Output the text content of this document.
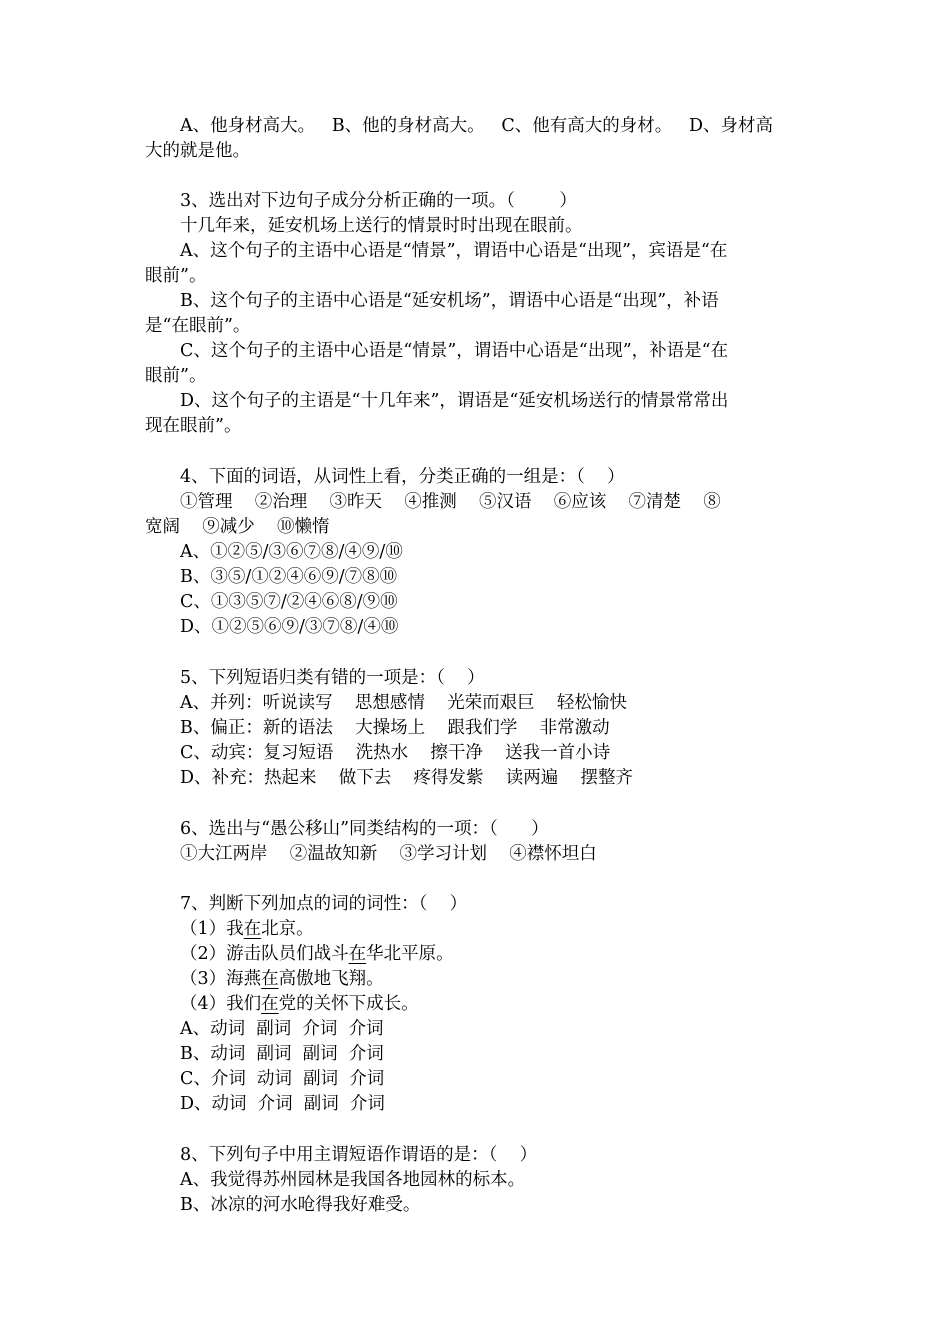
A、他身材高大。   B、他的身材高大。   C、他有高大的身材。   D、身材高
大的就是他。
3、选出对下边句子成分分析正确的一项。（        ）
十几年来，延安机场上送行的情景时时出现在眼前。
A、这个句子的主语中心语是“情景”，谓语中心语是“出现”，宾语是“在
眼前”。
B、这个句子的主语中心语是“延安机场”，谓语中心语是“出现”，补语
是“在眼前”。
C、这个句子的主语中心语是“情景”，谓语中心语是“出现”，补语是“在
眼前”。
D、这个句子的主语是“十几年来”，谓语是“延安机场送行的情景常常出
现在眼前”。
4、下面的词语，从词性上看，分类正确的一组是：（    ）
①管理    ②治理    ③昨天    ④推测    ⑤汉语    ⑥应该    ⑦清楚    ⑧
宽阔    ⑨减少    ⑩懒惰
A、①②⑤/③⑥⑦⑧/④⑨/⑩
B、③⑤/①②④⑥⑨/⑦⑧⑩
C、①③⑤⑦/②④⑥⑧/⑨⑩
D、①②⑤⑥⑨/③⑦⑧/④⑩
5、下列短语归类有错的一项是：（    ）
A、并列：听说读写    思想感情    光荣而艰巨    轻松愉快
B、偏正：新的语法    大操场上    跟我们学    非常激动
C、动宾：复习短语    洗热水    擦干净    送我一首小诗
D、补充：热起来    做下去    疼得发紫    读两遍    摆整齐
6、选出与“愚公移山”同类结构的一项：（      ）
①大江两岸    ②温故知新    ③学习计划    ④襟怀坦白
7、判断下列加点的词的词性：（    ）
（1）我在北京。
（2）游击队员们战斗在华北平原。
（3）海燕在高傲地飞翔。
（4）我们在党的关怀下成长。
A、动词  副词  介词  介词
B、动词  副词  副词  介词
C、介词  动词  副词  介词
D、动词  介词  副词  介词
8、下列句子中用主谓短语作谓语的是：（    ）
A、我觉得苏州园林是我国各地园林的标本。
B、冰凉的河水呛得我好难受。
